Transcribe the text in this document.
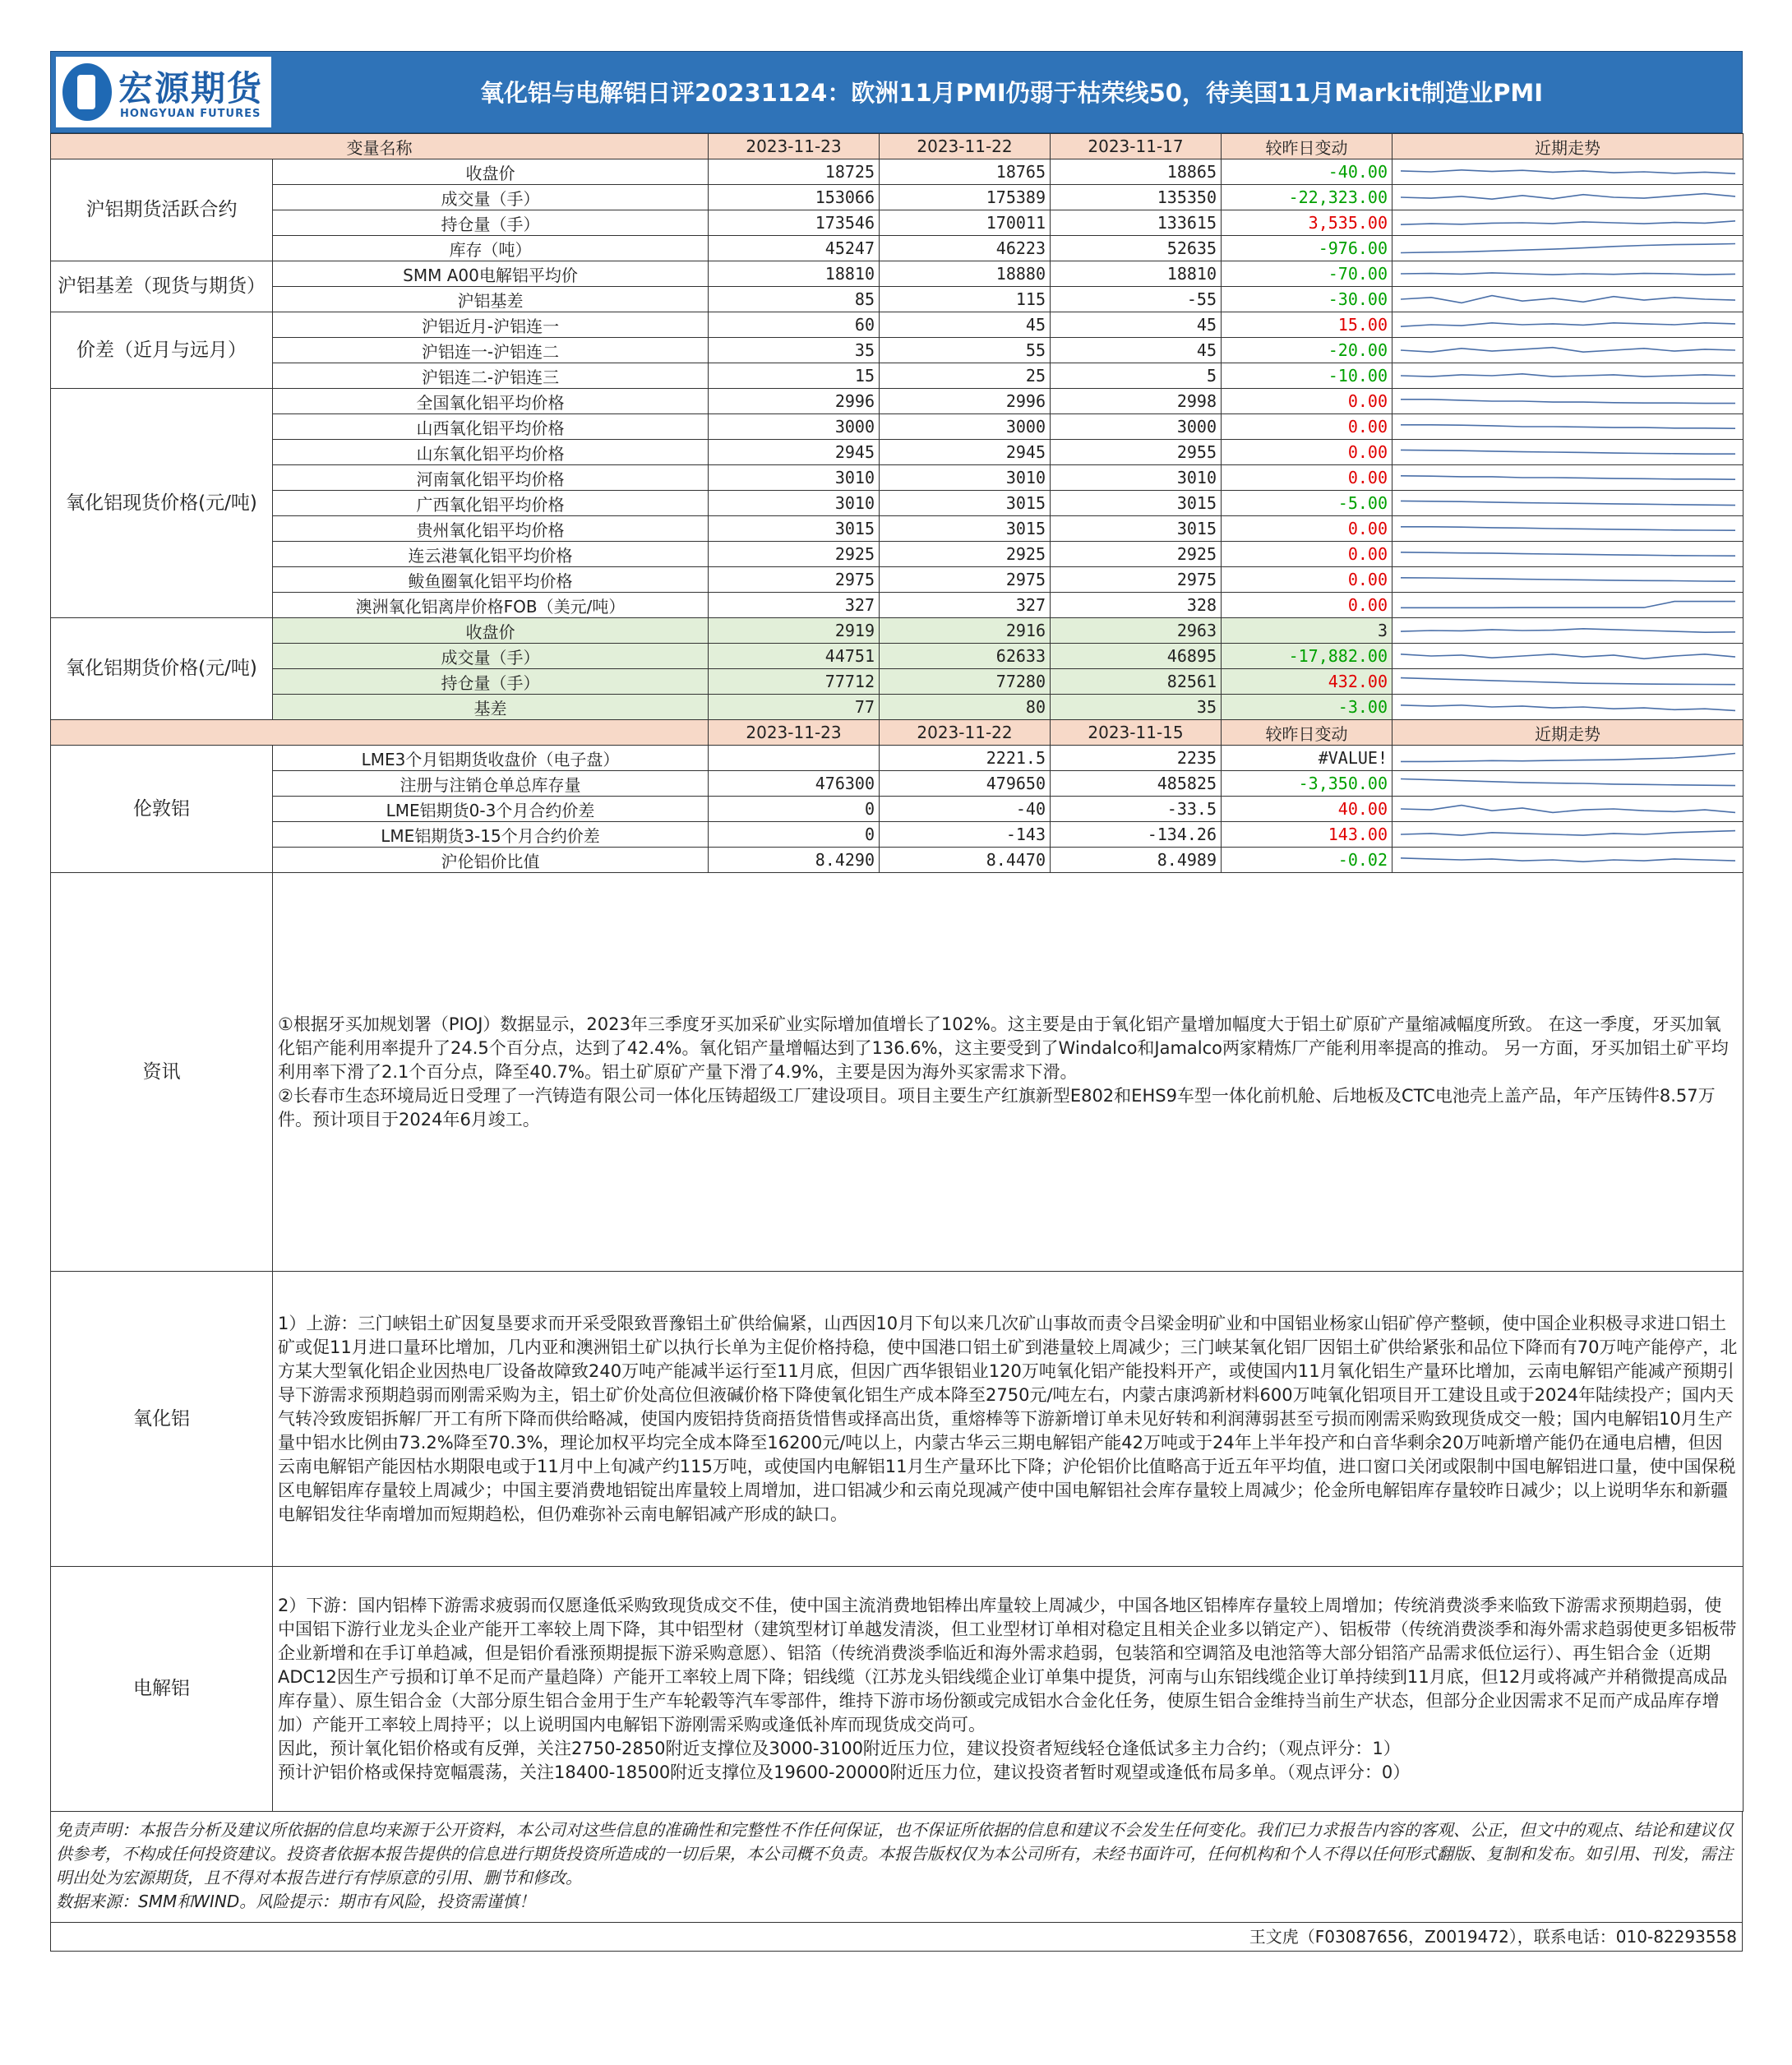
宏源期货
HONGYUAN FUTURES
氧化铝与电解铝日评20231124：欧洲11月PMI仍弱于枯荣线50，待美国11月Markit制造业PMI
变量名称		2023-11-23	2023-11-22	2023-11-17	较昨日变动	近期走势
沪铝期货活跃合约	收盘价	18725	18765	18865	-40.00	

	成交量（手）	153066	175389	135350	-22,323.00	

	持仓量（手）	173546	170011	133615	3,535.00	

	库存（吨）	45247	46223	52635	-976.00	

沪铝基差（现货与期货）	SMM A00电解铝平均价	18810	18880	18810	-70.00	

	沪铝基差	85	115	-55	-30.00	

价差（近月与远月）	沪铝近月-沪铝连一	60	45	45	15.00	

	沪铝连一-沪铝连二	35	55	45	-20.00	

	沪铝连二-沪铝连三	15	25	5	-10.00	

氧化铝现货价格(元/吨)	全国氧化铝平均价格	2996	2996	2998	0.00	

	山西氧化铝平均价格	3000	3000	3000	0.00	

	山东氧化铝平均价格	2945	2945	2955	0.00	

	河南氧化铝平均价格	3010	3010	3010	0.00	

	广西氧化铝平均价格	3010	3015	3015	-5.00	

	贵州氧化铝平均价格	3015	3015	3015	0.00	

	连云港氧化铝平均价格	2925	2925	2925	0.00	

	鲅鱼圈氧化铝平均价格	2975	2975	2975	0.00	

	澳洲氧化铝离岸价格FOB（美元/吨）	327	327	328	0.00	

氧化铝期货价格(元/吨)	收盘价	2919	2916	2963	3	

	成交量（手）	44751	62633	46895	-17,882.00	

	持仓量（手）	77712	77280	82561	432.00	

	基差	77	80	35	-3.00	

		2023-11-23	2023-11-22	2023-11-15	较昨日变动	近期走势
伦敦铝	LME3个月铝期货收盘价（电子盘）		2221.5	2235	#VALUE!	

	注册与注销仓单总库存量	476300	479650	485825	-3,350.00	

	LME铝期货0-3个月合约价差	0	-40	-33.5	40.00	

	LME铝期货3-15个月合约价差	0	-143	-134.26	143.00	

	沪伦铝价比值	8.4290	8.4470	8.4989	-0.02	

资讯	①根据牙买加规划署（PIOJ）数据显示，2023年三季度牙买加采矿业实际增加值增长了102%。这主要是由于氧化铝产量增加幅度大于铝土矿原矿产量缩减幅度所致。 在这一季度，牙买加氧化铝产能利用率提升了24.5个百分点，达到了42.4%。氧化铝产量增幅达到了136.6%，这主要受到了Windalco和Jamalco两家精炼厂产能利用率提高的推动。 另一方面，牙买加铝土矿平均利用率下滑了2.1个百分点，降至40.7%。铝土矿原矿产量下滑了4.9%，主要是因为海外买家需求下滑。

②长春市生态环境局近日受理了一汽铸造有限公司一体化压铸超级工厂建设项目。项目主要生产红旗新型E802和EHS9车型一体化前机舱、后地板及CTC电池壳上盖产品，年产压铸件8.57万件。预计项目于2024年6月竣工。					

氧化铝	1）上游：三门峡铝土矿因复垦要求而开采受限致晋豫铝土矿供给偏紧，山西因10月下旬以来几次矿山事故而责令吕梁金明矿业和中国铝业杨家山铝矿停产整顿，使中国企业积极寻求进口铝土矿或促11月进口量环比增加，几内亚和澳洲铝土矿以执行长单为主促价格持稳，使中国港口铝土矿到港量较上周减少；三门峡某氧化铝厂因铝土矿供给紧张和品位下降而有70万吨产能停产，北方某大型氧化铝企业因热电厂设备故障致240万吨产能减半运行至11月底，但因广西华银铝业120万吨氧化铝产能投料开产，或使国内11月氧化铝生产量环比增加，云南电解铝产能减产预期引导下游需求预期趋弱而刚需采购为主，铝土矿价处高位但液碱价格下降使氧化铝生产成本降至2750元/吨左右，内蒙古康鸿新材料600万吨氧化铝项目开工建设且或于2024年陆续投产；国内天气转冷致废铝拆解厂开工有所下降而供给略减，使国内废铝持货商捂货惜售或择高出货，重熔棒等下游新增订单未见好转和利润薄弱甚至亏损而刚需采购致现货成交一般；国内电解铝10月生产量中铝水比例由73.2%降至70.3%，理论加权平均完全成本降至16200元/吨以上，内蒙古华云三期电解铝产能42万吨或于24年上半年投产和白音华剩余20万吨新增产能仍在通电启槽，但因云南电解铝产能因枯水期限电或于11月中上旬减产约115万吨，或使国内电解铝11月生产量环比下降；沪伦铝价比值略高于近五年平均值，进口窗口关闭或限制中国电解铝进口量，使中国保税区电解铝库存量较上周减少；中国主要消费地铝锭出库量较上周增加，进口铝减少和云南兑现减产使中国电解铝社会库存量较上周减少；伦金所电解铝库存量较昨日减少；以上说明华东和新疆电解铝发往华南增加而短期趋松，但仍难弥补云南电解铝减产形成的缺口。					

电解铝	2）下游：国内铝棒下游需求疲弱而仅愿逢低采购致现货成交不佳，使中国主流消费地铝棒出库量较上周减少，中国各地区铝棒库存量较上周增加；传统消费淡季来临致下游需求预期趋弱，使中国铝下游行业龙头企业产能开工率较上周下降，其中铝型材（建筑型材订单越发清淡，但工业型材订单相对稳定且相关企业多以销定产）、铝板带（传统消费淡季和海外需求趋弱使更多铝板带企业新增和在手订单趋减，但是铝价看涨预期提振下游采购意愿）、铝箔（传统消费淡季临近和海外需求趋弱，包装箔和空调箔及电池箔等大部分铝箔产品需求低位运行）、再生铝合金（近期ADC12因生产亏损和订单不足而产量趋降）产能开工率较上周下降；铝线缆（江苏龙头铝线缆企业订单集中提货，河南与山东铝线缆企业订单持续到11月底，但12月或将减产并稍微提高成品库存量）、原生铝合金（大部分原生铝合金用于生产车轮毂等汽车零部件，维持下游市场份额或完成铝水合金化任务，使原生铝合金维持当前生产状态，但部分企业因需求不足而产成品库存增加）产能开工率较上周持平；以上说明国内电解铝下游刚需采购或逢低补库而现货成交尚可。

因此，预计氧化铝价格或有反弹，关注2750-2850附近支撑位及3000-3100附近压力位，建议投资者短线轻仓逢低试多主力合约；（观点评分：1）

预计沪铝价格或保持宽幅震荡，关注18400-18500附近支撑位及19600-20000附近压力位，建议投资者暂时观望或逢低布局多单。（观点评分：0）					

免责声明：本报告分析及建议所依据的信息均来源于公开资料，本公司对这些信息的准确性和完整性不作任何保证，也不保证所依据的信息和建议不会发生任何变化。我们已力求报告内容的客观、公正，但文中的观点、结论和建议仅供参考，不构成任何投资建议。投资者依据本报告提供的信息进行期货投资所造成的一切后果，本公司概不负责。本报告版权仅为本公司所有，未经书面许可，任何机构和个人不得以任何形式翻版、复制和发布。如引用、刊发，需注明出处为宏源期货，且不得对本报告进行有悖原意的引用、删节和修改。
数据来源：SMM和WIND。风险提示：期市有风险，投资需谨慎！
王文虎（F03087656，Z0019472），联系电话：010-82293558
